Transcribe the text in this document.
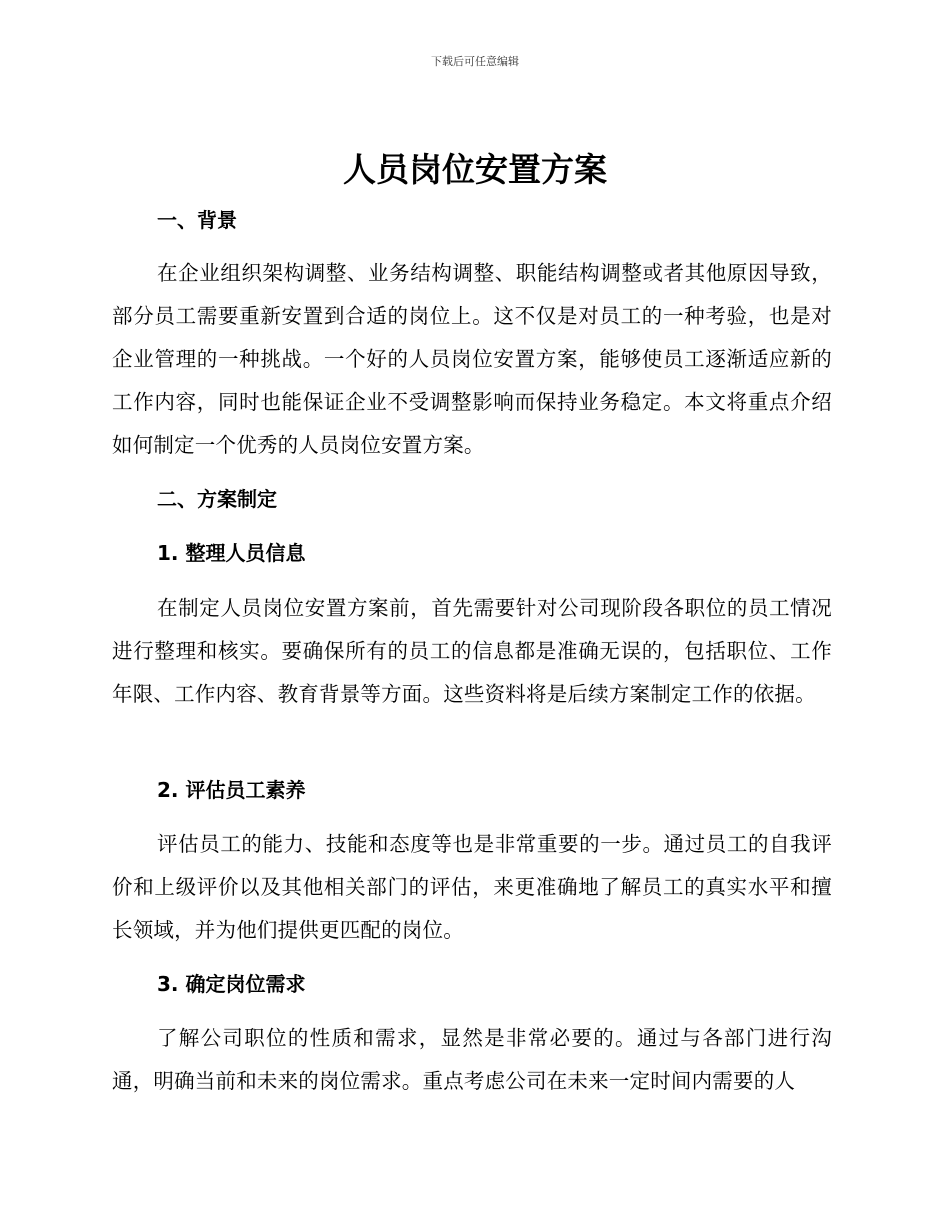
下载后可任意编辑
人员岗位安置方案
一、背景

在企业组织架构调整、业务结构调整、职能结构调整或者其他原因导致，部分员工需要重新安置到合适的岗位上。这不仅是对员工的一种考验，也是对企业管理的一种挑战。一个好的人员岗位安置方案，能够使员工逐渐适应新的工作内容，同时也能保证企业不受调整影响而保持业务稳定。本文将重点介绍如何制定一个优秀的人员岗位安置方案。

二、方案制定
1. 整理人员信息

在制定人员岗位安置方案前，首先需要针对公司现阶段各职位的员工情况进行整理和核实。要确保所有的员工的信息都是准确无误的，包括职位、工作年限、工作内容、教育背景等方面。这些资料将是后续方案制定工作的依据。

2. 评估员工素养

评估员工的能力、技能和态度等也是非常重要的一步。通过员工的自我评价和上级评价以及其他相关部门的评估，来更准确地了解员工的真实水平和擅长领域，并为他们提供更匹配的岗位。

3. 确定岗位需求

了解公司职位的性质和需求，显然是非常必要的。通过与各部门进行沟通，明确当前和未来的岗位需求。重点考虑公司在未来一定时间内需要的人
